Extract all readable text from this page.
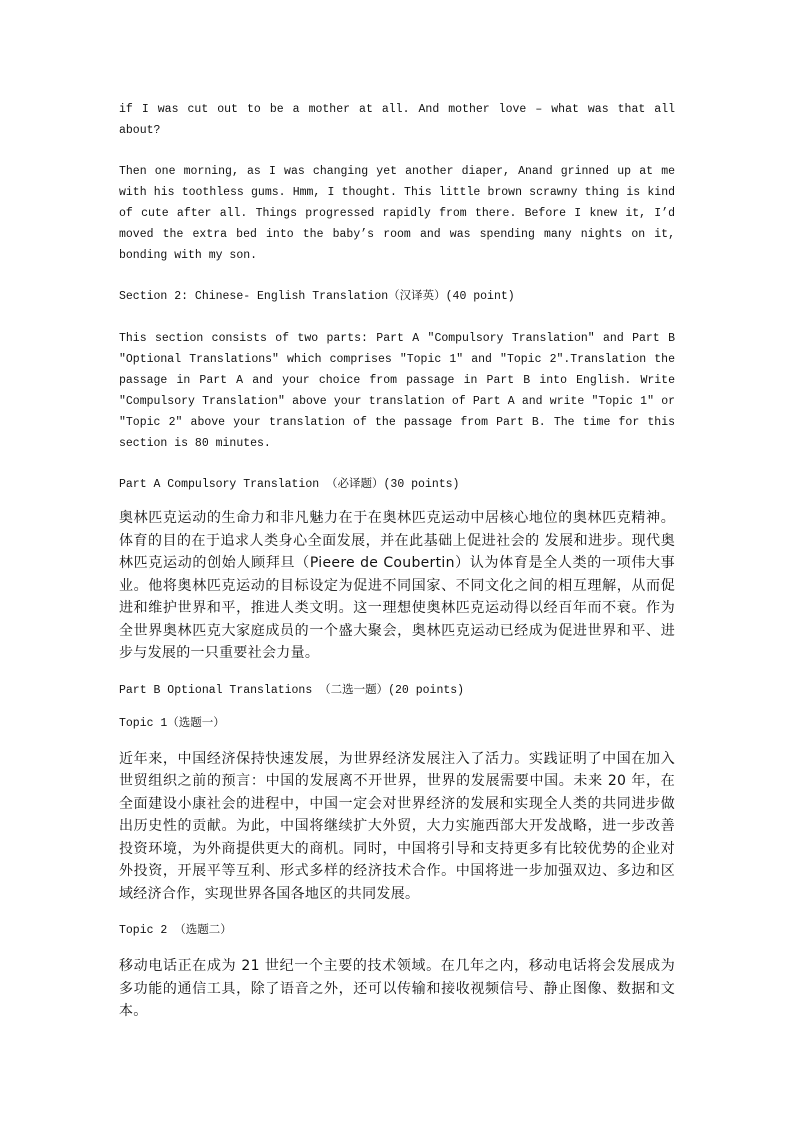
if I was cut out to be a mother at all. And mother love – what was that all about?

Then one morning, as I was changing yet another diaper, Anand grinned up at me with his toothless gums. Hmm, I thought. This little brown scrawny thing is kind of cute after all. Things progressed rapidly from there. Before I knew it, I’d moved the extra bed into the baby’s room and was spending many nights on it, bonding with my son.

Section 2: Chinese- English Translation（汉译英）(40 point)

This section consists of two parts: Part A "Compulsory Translation" and Part B "Optional Translations" which comprises "Topic 1" and "Topic 2".Translation the passage in Part A and your choice from passage in Part B into English. Write "Compulsory Translation" above your translation of Part A and write "Topic 1" or "Topic 2" above your translation of the passage from Part B. The time for this section is 80 minutes.

Part A Compulsory Translation （必译题）(30 points)

奥林匹克运动的生命力和非凡魅力在于在奥林匹克运动中居核心地位的奥林匹克精神。体育的目的在于追求人类身心全面发展，并在此基础上促进社会的 发展和进步。现代奥林匹克运动的创始人顾拜旦（Pieere de Coubertin）认为体育是全人类的一项伟大事业。他将奥林匹克运动的目标设定为促进不同国家、不同文化之间的相互理解，从而促进和维护世界和平，推进人类文明。这一理想使奥林匹克运动得以经百年而不衰。作为全世界奥林匹克大家庭成员的一个盛大聚会，奥林匹克运动已经成为促进世界和平、进步与发展的一只重要社会力量。

Part B Optional Translations （二选一题）(20 points)

Topic 1（选题一）

近年来，中国经济保持快速发展，为世界经济发展注入了活力。实践证明了中国在加入世贸组织之前的预言：中国的发展离不开世界，世界的发展需要中国。未来 20 年，在全面建设小康社会的进程中，中国一定会对世界经济的发展和实现全人类的共同进步做出历史性的贡献。为此，中国将继续扩大外贸，大力实施西部大开发战略，进一步改善投资环境，为外商提供更大的商机。同时，中国将引导和支持更多有比较优势的企业对外投资，开展平等互利、形式多样的经济技术合作。中国将进一步加强双边、多边和区域经济合作，实现世界各国各地区的共同发展。

Topic 2 （选题二）

移动电话正在成为 21 世纪一个主要的技术领域。在几年之内，移动电话将会发展成为多功能的通信工具，除了语音之外，还可以传输和接收视频信号、静止图像、数据和文本。
